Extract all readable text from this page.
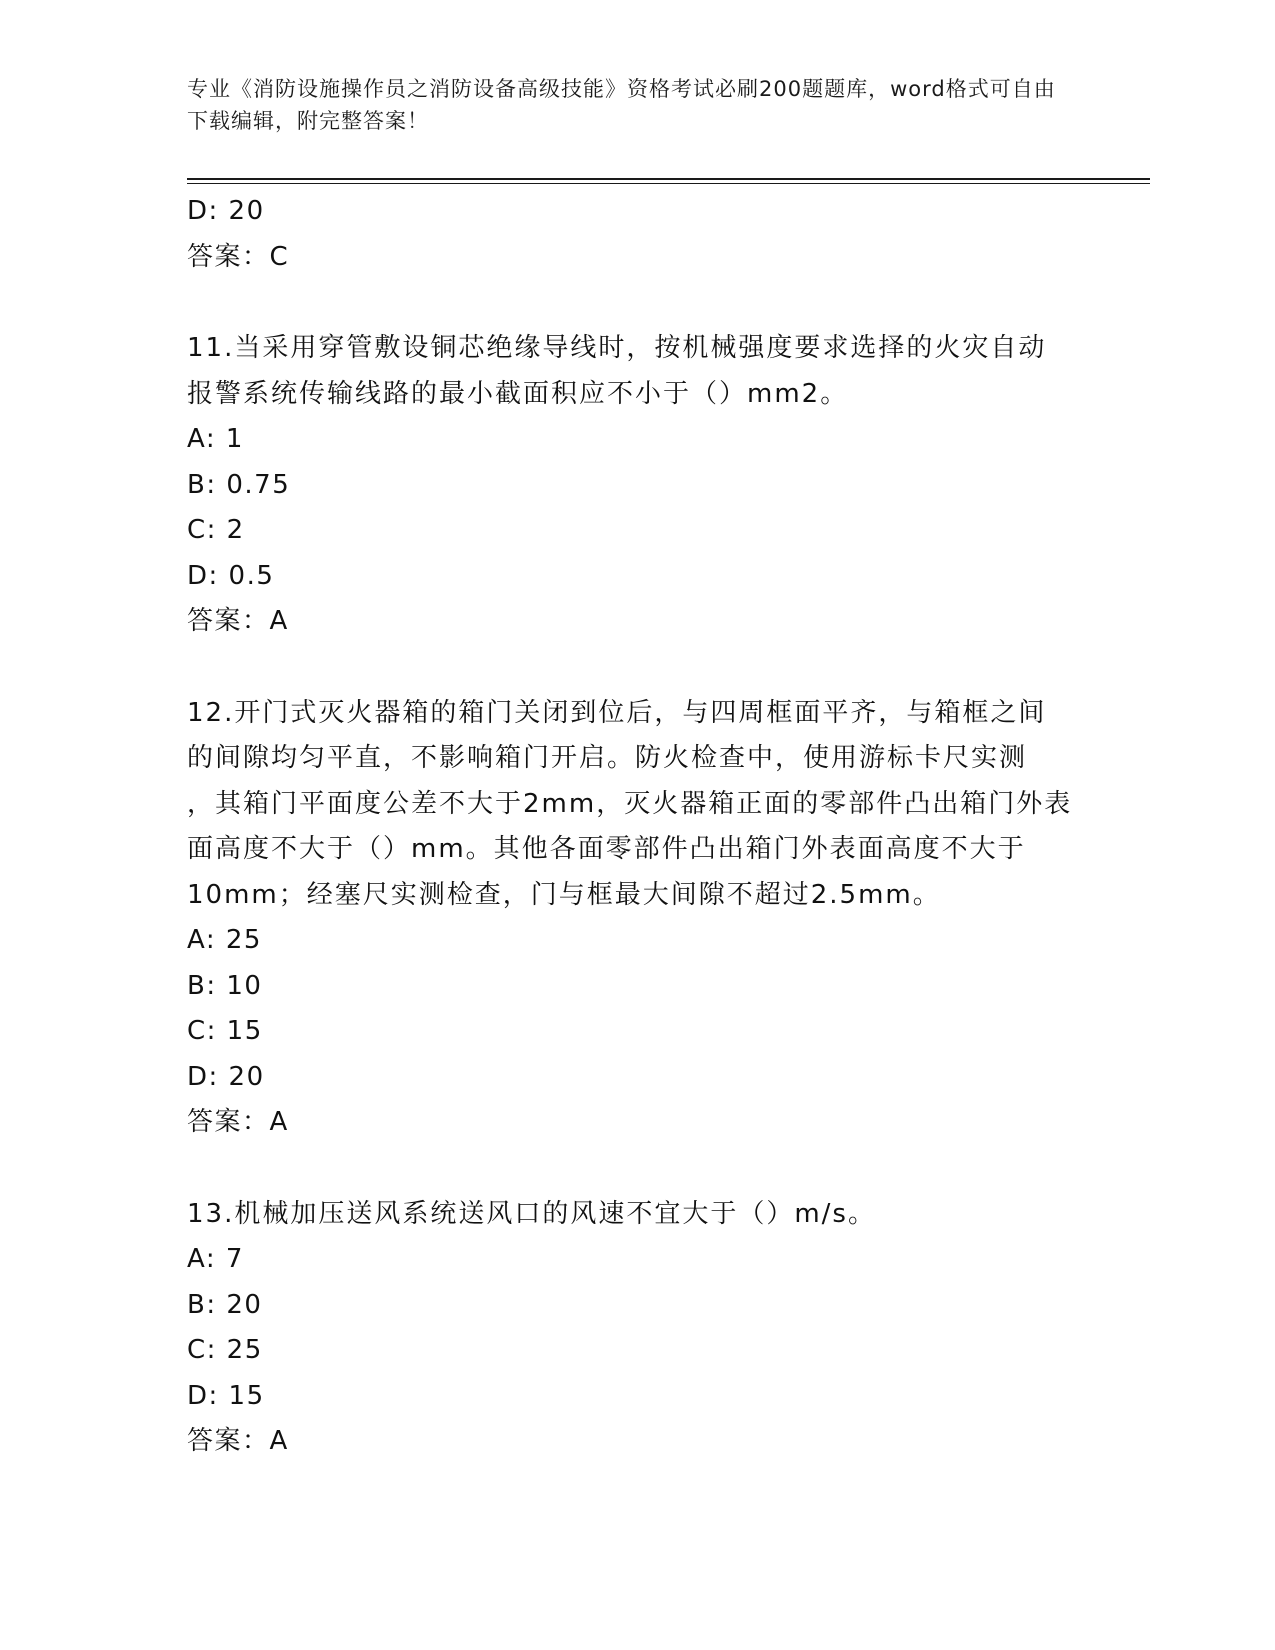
专业《消防设施操作员之消防设备高级技能》资格考试必刷200题题库，word格式可自由下载编辑，附完整答案！
D: 20
答案：C
11.当采用穿管敷设铜芯绝缘导线时，按机械强度要求选择的火灾自动
报警系统传输线路的最小截面积应不小于（）mm2。
A: 1
B: 0.75
C: 2
D: 0.5
答案：A
12.开门式灭火器箱的箱门关闭到位后，与四周框面平齐，与箱框之间
的间隙均匀平直，不影响箱门开启。防火检查中，使用游标卡尺实测
，其箱门平面度公差不大于2mm，灭火器箱正面的零部件凸出箱门外表
面高度不大于（）mm。其他各面零部件凸出箱门外表面高度不大于
10mm；经塞尺实测检查，门与框最大间隙不超过2.5mm。
A: 25
B: 10
C: 15
D: 20
答案：A
13.机械加压送风系统送风口的风速不宜大于（）m/s。
A: 7
B: 20
C: 25
D: 15
答案：A
